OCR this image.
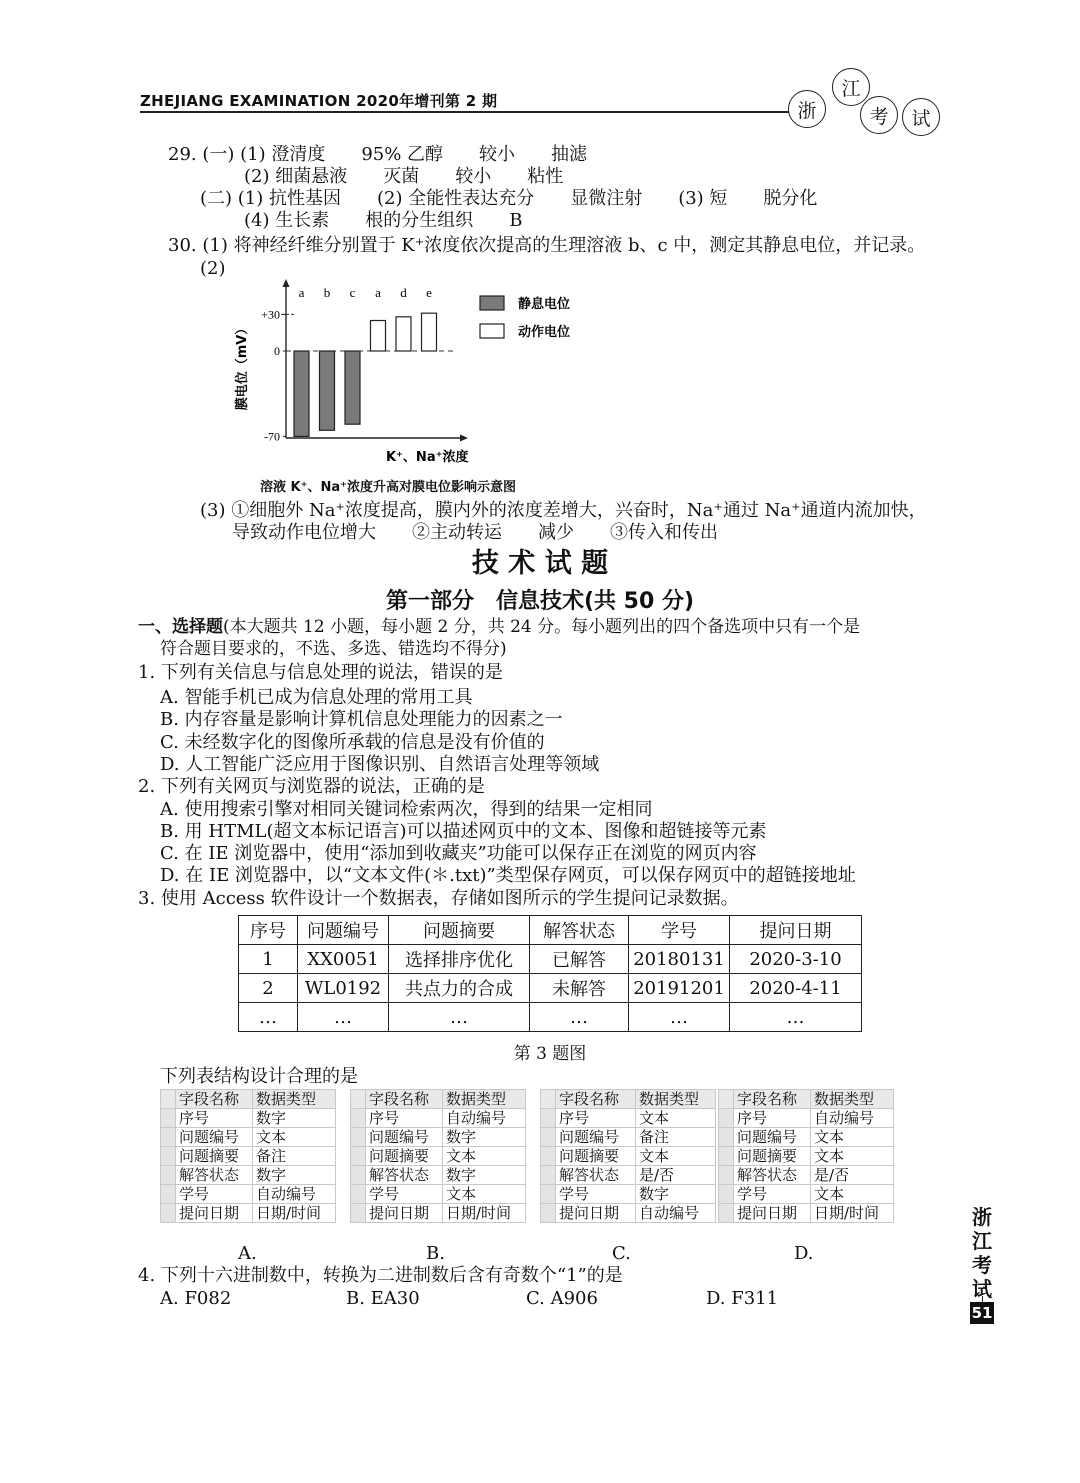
ZHEJIANG EXAMINATION 2020年增刊第 2 期	浙
江
考 试
29. (一) (1) 澄清度　　95% 乙醇　　较小　　抽滤
(2) 细菌悬液　　灭菌　　较小　　粘性
(二) (1) 抗性基因　　(2) 全能性表达充分　　显微注射　　(3) 短　　脱分化
(4) 生长素　　根的分生组织　　B
30. (1) 将神经纤维分别置于 K⁺浓度依次提高的生理溶液 b、c 中，测定其静息电位，并记录。
(2)
+30
0
-70
膜电位（mV）
K⁺、Na⁺浓度
a b c a d e
静息电位
动作电位
溶液 K⁺、Na⁺浓度升高对膜电位影响示意图
(3) ①细胞外 Na⁺浓度提高，膜内外的浓度差增大，兴奋时，Na⁺通过 Na⁺通道内流加快，
导致动作电位增大　　②主动转运　　减少　　③传入和传出
技 术 试 题
第一部分　信息技术(共 50 分)
一、选择题(本大题共 12 小题，每小题 2 分，共 24 分。每小题列出的四个备选项中只有一个是
符合题目要求的，不选、多选、错选均不得分)
1. 下列有关信息与信息处理的说法，错误的是
A. 智能手机已成为信息处理的常用工具
B. 内存容量是影响计算机信息处理能力的因素之一
C. 未经数字化的图像所承载的信息是没有价值的
D. 人工智能广泛应用于图像识别、自然语言处理等领域
2. 下列有关网页与浏览器的说法，正确的是
A. 使用搜索引擎对相同关键词检索两次，得到的结果一定相同
B. 用 HTML(超文本标记语言)可以描述网页中的文本、图像和超链接等元素
C. 在 IE 浏览器中，使用“添加到收藏夹”功能可以保存正在浏览的网页内容
D. 在 IE 浏览器中，以“文本文件(＊.txt)”类型保存网页，可以保存网页中的超链接地址
3. 使用 Access 软件设计一个数据表，存储如图所示的学生提问记录数据。
序号	问题编号	问题摘要	解答状态	学号	提问日期
1	XX0051	选择排序优化	已解答	20180131	2020-3-10
2	WL0192	共点力的合成	未解答	20191201	2020-4-11
…	…	…	…	…	…
第 3 题图
下列表结构设计合理的是
	字段名称	数据类型
	序号	数字
	问题编号	文本
	问题摘要	备注
	解答状态	数字
	学号	自动编号
	提问日期	日期/时间
	字段名称	数据类型
	序号	自动编号
	问题编号	数字
	问题摘要	文本
	解答状态	数字
	学号	文本
	提问日期	日期/时间
	字段名称	数据类型
	序号	文本
	问题编号	备注
	问题摘要	文本
	解答状态	是/否
	学号	数字
	提问日期	自动编号
	字段名称	数据类型
	序号	自动编号
	问题编号	文本
	问题摘要	文本
	解答状态	是/否
	学号	文本
	提问日期	日期/时间
A.	B.	C.	D.
4. 下列十六进制数中，转换为二进制数后含有奇数个“1”的是
A. F082	B. EA30	C. A906	D. F311
浙
江
考
试
51
